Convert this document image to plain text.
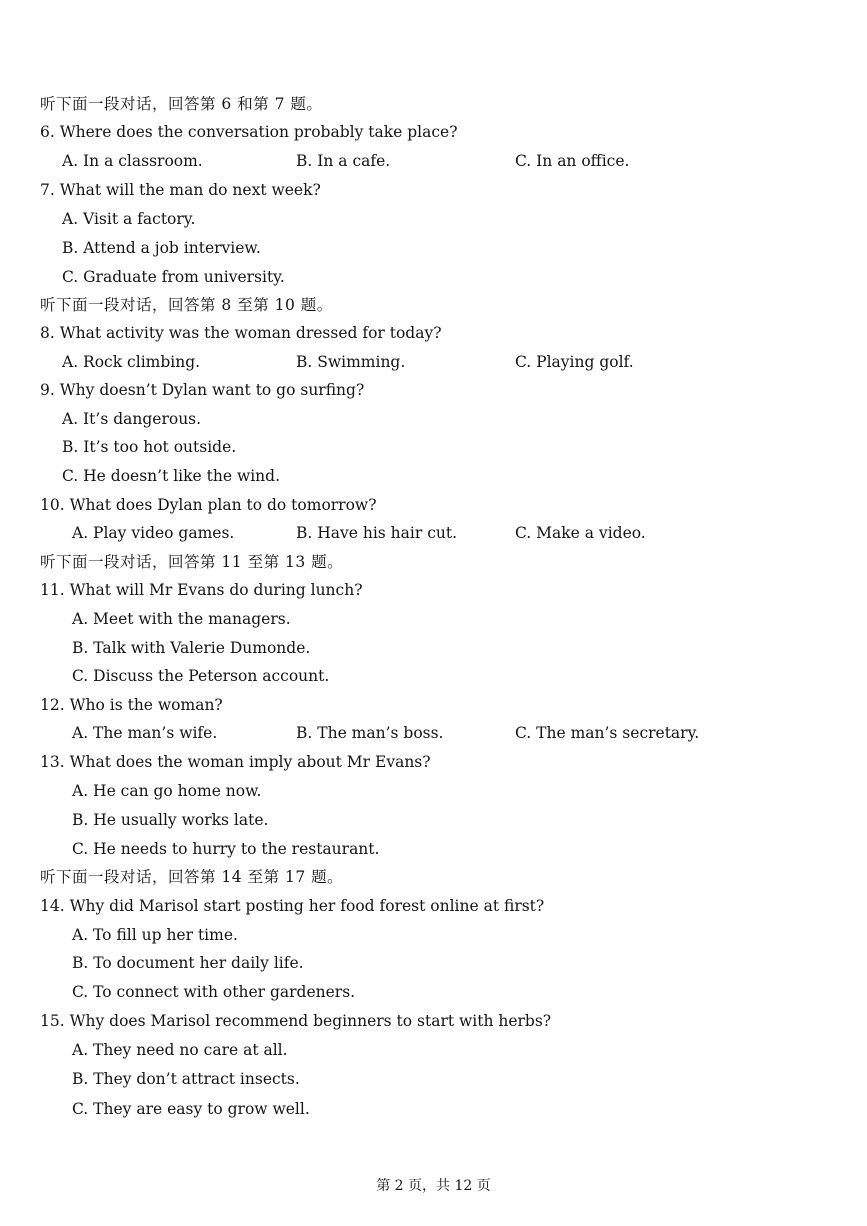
听下面一段对话，回答第 6 和第 7 题。
6. Where does the conversation probably take place?
A. In a classroom.	B. In a cafe.	C. In an office.
7. What will the man do next week?
A. Visit a factory.
B. Attend a job interview.
C. Graduate from university.
听下面一段对话，回答第 8 至第 10 题。
8. What activity was the woman dressed for today?
A. Rock climbing.	B. Swimming.	C. Playing golf.
9. Why doesn’t Dylan want to go surfing?
A. It’s dangerous.
B. It’s too hot outside.
C. He doesn’t like the wind.
10. What does Dylan plan to do tomorrow?
A. Play video games.	B. Have his hair cut.	C. Make a video.
听下面一段对话，回答第 11 至第 13 题。
11. What will Mr Evans do during lunch?
A. Meet with the managers.
B. Talk with Valerie Dumonde.
C. Discuss the Peterson account.
12. Who is the woman?
A. The man’s wife.	B. The man’s boss.	C. The man’s secretary.
13. What does the woman imply about Mr Evans?
A. He can go home now.
B. He usually works late.
C. He needs to hurry to the restaurant.
听下面一段对话，回答第 14 至第 17 题。
14. Why did Marisol start posting her food forest online at first?
A. To fill up her time.
B. To document her daily life.
C. To connect with other gardeners.
15. Why does Marisol recommend beginners to start with herbs?
A. They need no care at all.
B. They don’t attract insects.
C. They are easy to grow well.
第 2 页，共 12 页
